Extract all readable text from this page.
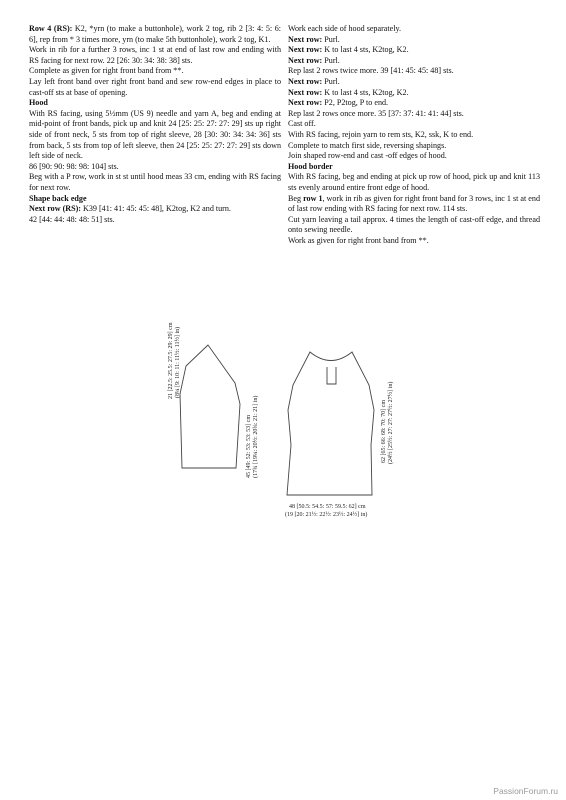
Row 4 (RS): K2, *yrn (to make a buttonhole), work 2 tog, rib 2 [3: 4: 5: 6: 6], rep from * 3 times more, yrn (to make 5th buttonhole), work 2 tog, K1.

Work in rib for a further 3 rows, inc 1 st at end of last row and ending with RS facing for next row. 22 [26: 30: 34: 38: 38] sts.

Complete as given for right front band from **.

Lay left front band over right front band and sew row-end edges in place to cast-off sts at base of opening.

Hood

With RS facing, using 5½mm (US 9) needle and yarn A, beg and ending at mid-point of front bands, pick up and knit 24 [25: 25: 27: 27: 29] sts up right side of front neck, 5 sts from top of right sleeve, 28 [30: 30: 34: 34: 36] sts from back, 5 sts from top of left sleeve, then 24 [25: 25: 27: 27: 29] sts down left side of neck.

86 [90: 90: 98: 98: 104] sts.

Beg with a P row, work in st st until hood meas 33 cm, ending with RS facing for next row.

Shape back edge

Next row (RS): K39 [41: 41: 45: 45: 48], K2tog, K2 and turn.

42 [44: 44: 48: 48: 51] sts.

Work each side of hood separately.

Next row: Purl.

Next row: K to last 4 sts, K2tog, K2.

Next row: Purl.

Rep last 2 rows twice more. 39 [41: 45: 45: 48] sts.

Next row: Purl.

Next row: K to last 4 sts, K2tog, K2.

Next row: P2, P2tog, P to end.

Rep last 2 rows once more. 35 [37: 37: 41: 41: 44] sts.

Cast off.

With RS facing, rejoin yarn to rem sts, K2, ssk, K to end.

Complete to match first side, reversing shapings.

Join shaped row-end and cast -off edges of hood.

Hood border

With RS facing, beg and ending at pick up row of hood, pick up and knit 113 sts evenly around entire front edge of hood.

Beg row 1, work in rib as given for right front band for 3 rows, inc 1 st at end of last row ending with RS facing for next row. 114 sts.

Cut yarn leaving a tail approx. 4 times the length of cast-off edge, and thread onto sewing needle.

Work as given for right front band from **.

21 [22.5: 25.5: 27.5: 29: 29] cm (8¼ [9: 10: 11: 11½: 11½] in)
45 [49: 52: 53: 53: 53] cm (17¾ [19¼: 20½: 20¾: 21: 21] in)	62 [65: 66: 68: 70: 70] cm (24½ [25½: 27: 27: 27½: 27½] in)
48 [50.5: 54.5: 57: 59.5: 62] cm
(19 [20: 21½: 22½: 23½: 24½] in)
PassionForum.ru
